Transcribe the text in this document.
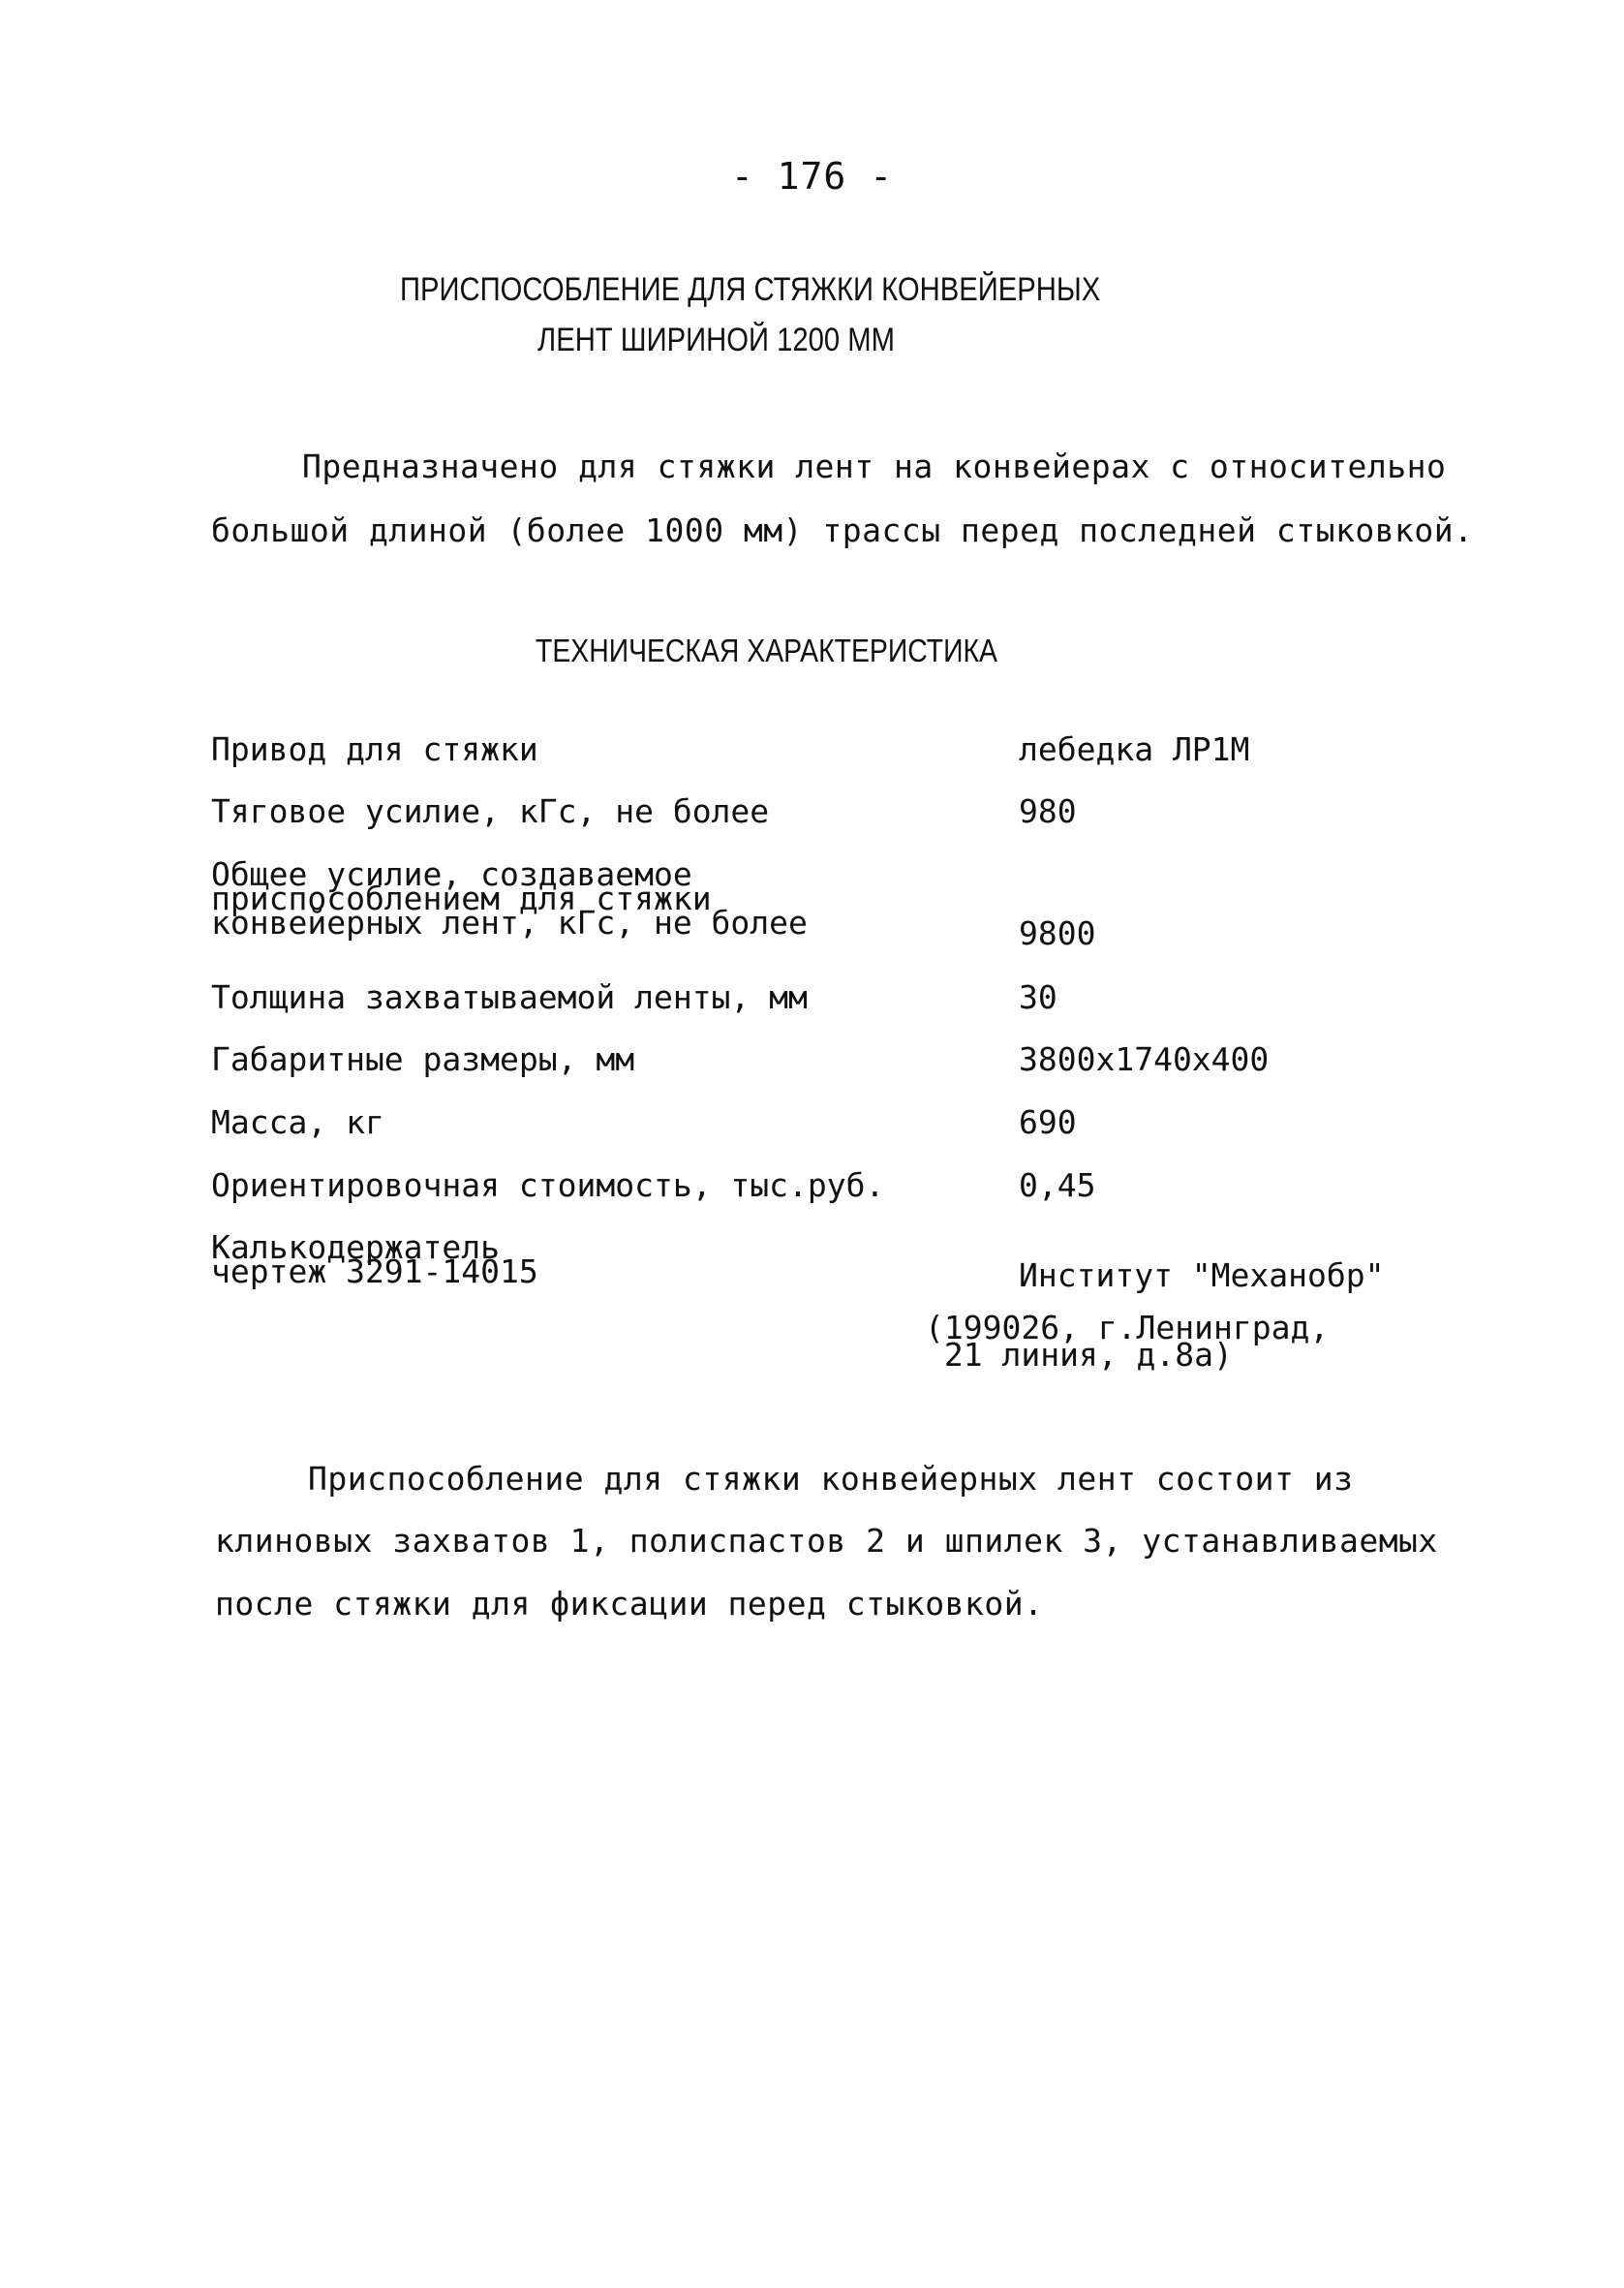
- 176 -
ПРИСПОСОБЛЕНИЕ ДЛЯ СТЯЖКИ КОНВЕЙЕРНЫХ
ЛЕНТ ШИРИНОЙ 1200 ММ
Предназначено для стяжки лент на конвейерах с относительно
большой длиной (более 1000 мм) трассы перед последней стыковкой.
ТЕХНИЧЕСКАЯ ХАРАКТЕРИСТИКА
Привод для стяжки	лебедка ЛР1М
Тяговое усилие, кГс, не более	980
Общее усилие, создаваемое
приспособлением для стяжки
конвейерных лент, кГс, не более	9800
Толщина захватываемой ленты, мм	30
Габаритные размеры, мм	3800х1740х400
Масса, кг	690
Ориентировочная стоимость, тыс.руб.	0,45
Калькодержатель
чертеж 3291-14015	Институт "Механобр"
(199026, г.Ленинград,
21 линия, д.8а)
Приспособление для стяжки конвейерных лент состоит из
клиновых захватов 1, полиспастов 2 и шпилек 3, устанавливаемых
после стяжки для фиксации перед стыковкой.
